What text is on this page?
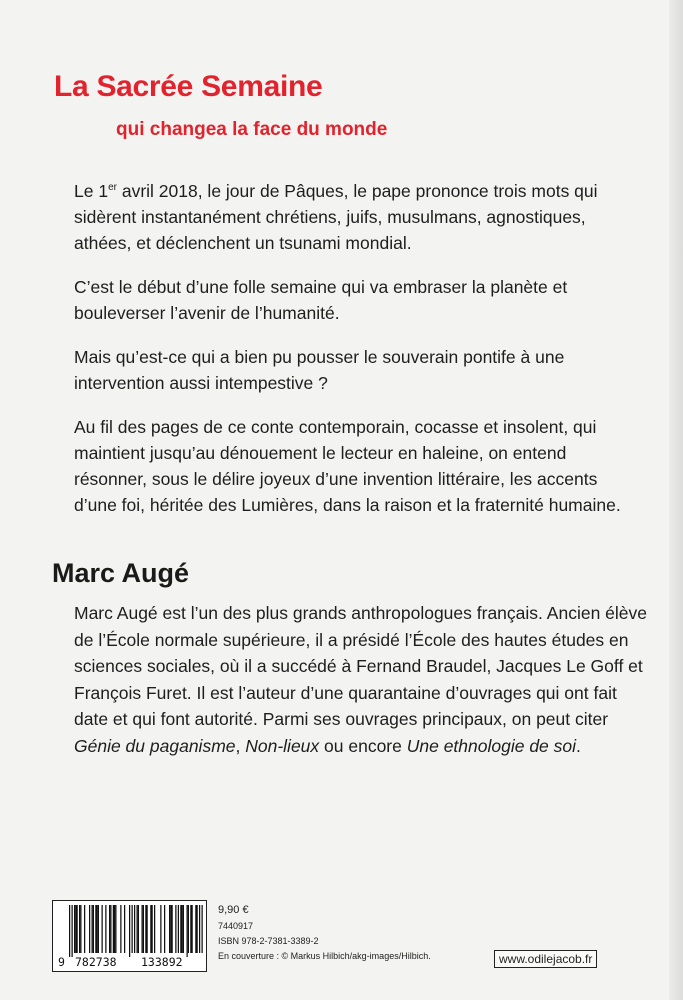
La Sacrée Semaine
qui changea la face du monde

Le 1er avril 2018, le jour de Pâques, le pape prononce trois mots qui sidèrent instantanément chrétiens, juifs, musulmans, agnostiques, athées, et déclenchent un tsunami mondial.

C’est le début d’une folle semaine qui va embraser la planète et bouleverser l’avenir de l’humanité.

Mais qu’est-ce qui a bien pu pousser le souverain pontife à une intervention aussi intempestive ?

Au fil des pages de ce conte contemporain, cocasse et insolent, qui maintient jusqu’au dénouement le lecteur en haleine, on entend résonner, sous le délire joyeux d’une invention littéraire, les accents d’une foi, héritée des Lumières, dans la raison et la fraternité humaine.

Marc Augé

Marc Augé est l’un des plus grands anthropologues français. Ancien élève de l’École normale supérieure, il a présidé l’École des hautes études en sciences sociales, où il a succédé à Fernand Braudel, Jacques Le Goff et François Furet. Il est l’auteur d’une quarantaine d’ouvrages qui ont fait date et qui font autorité. Parmi ses ouvrages principaux, on peut citer Génie du paganisme, Non-lieux ou encore Une ethnologie de soi.

9 782738 133892
9,90 €
7440917
ISBN 978-2-7381-3389-2
En couverture : © Markus Hilbich/akg-images/Hilbich.	www.odilejacob.fr
